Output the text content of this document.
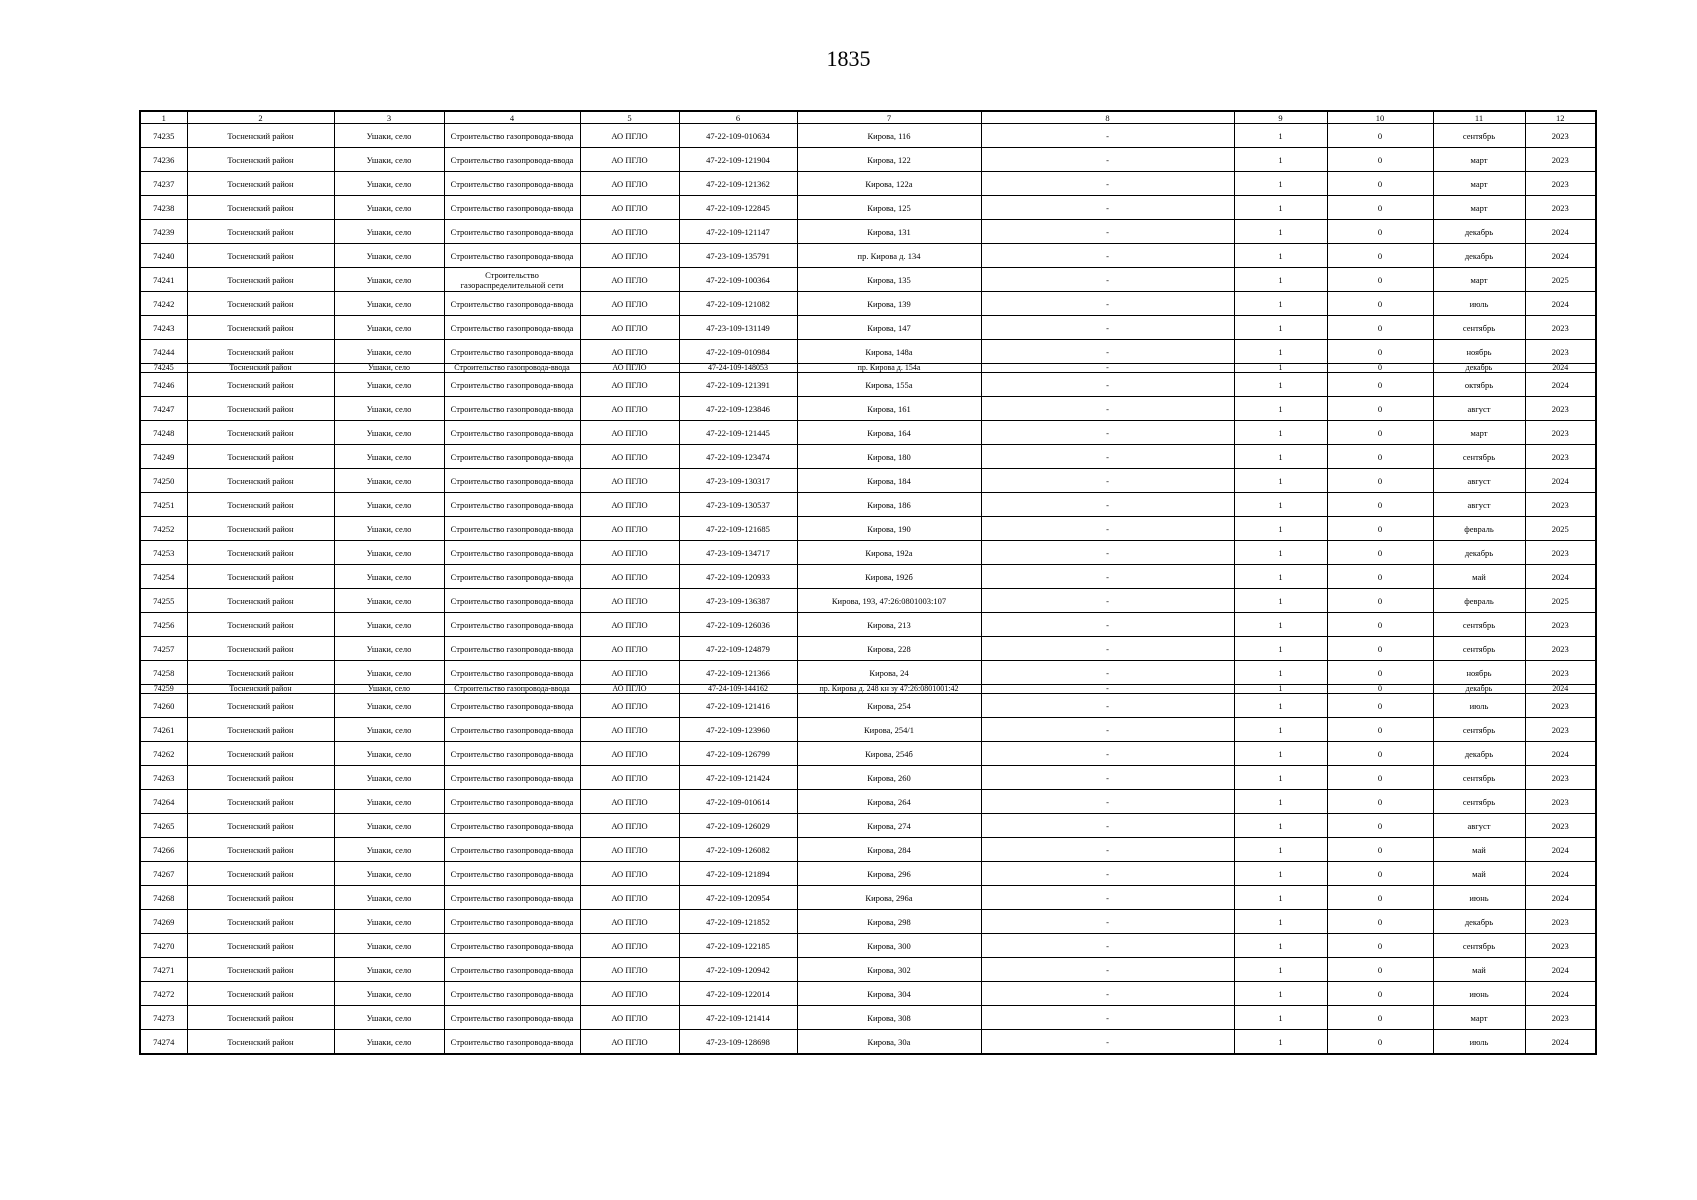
1835
1	2	3	4	5	6	7	8	9	10	11	12
74235	Тосненский район	Ушаки, село	Строительство газопровода-ввода	АО ПГЛО	47-22-109-010634	Кирова, 116	-	1	0	сентябрь	2023
74236	Тосненский район	Ушаки, село	Строительство газопровода-ввода	АО ПГЛО	47-22-109-121904	Кирова, 122	-	1	0	март	2023
74237	Тосненский район	Ушаки, село	Строительство газопровода-ввода	АО ПГЛО	47-22-109-121362	Кирова, 122а	-	1	0	март	2023
74238	Тосненский район	Ушаки, село	Строительство газопровода-ввода	АО ПГЛО	47-22-109-122845	Кирова, 125	-	1	0	март	2023
74239	Тосненский район	Ушаки, село	Строительство газопровода-ввода	АО ПГЛО	47-22-109-121147	Кирова, 131	-	1	0	декабрь	2024
74240	Тосненский район	Ушаки, село	Строительство газопровода-ввода	АО ПГЛО	47-23-109-135791	пр. Кирова д. 134	-	1	0	декабрь	2024
74241	Тосненский район	Ушаки, село	Строительство газораспределительной сети	АО ПГЛО	47-22-109-100364	Кирова, 135	-	1	0	март	2025
74242	Тосненский район	Ушаки, село	Строительство газопровода-ввода	АО ПГЛО	47-22-109-121082	Кирова, 139	-	1	0	июль	2024
74243	Тосненский район	Ушаки, село	Строительство газопровода-ввода	АО ПГЛО	47-23-109-131149	Кирова, 147	-	1	0	сентябрь	2023
74244	Тосненский район	Ушаки, село	Строительство газопровода-ввода	АО ПГЛО	47-22-109-010984	Кирова, 148а	-	1	0	ноябрь	2023
74245	Тосненский район	Ушаки, село	Строительство газопровода-ввода	АО ПГЛО	47-24-109-148053	пр. Кирова д. 154а	-	1	0	декабрь	2024
74246	Тосненский район	Ушаки, село	Строительство газопровода-ввода	АО ПГЛО	47-22-109-121391	Кирова, 155а	-	1	0	октябрь	2024
74247	Тосненский район	Ушаки, село	Строительство газопровода-ввода	АО ПГЛО	47-22-109-123846	Кирова, 161	-	1	0	август	2023
74248	Тосненский район	Ушаки, село	Строительство газопровода-ввода	АО ПГЛО	47-22-109-121445	Кирова, 164	-	1	0	март	2023
74249	Тосненский район	Ушаки, село	Строительство газопровода-ввода	АО ПГЛО	47-22-109-123474	Кирова, 180	-	1	0	сентябрь	2023
74250	Тосненский район	Ушаки, село	Строительство газопровода-ввода	АО ПГЛО	47-23-109-130317	Кирова, 184	-	1	0	август	2024
74251	Тосненский район	Ушаки, село	Строительство газопровода-ввода	АО ПГЛО	47-23-109-130537	Кирова, 186	-	1	0	август	2023
74252	Тосненский район	Ушаки, село	Строительство газопровода-ввода	АО ПГЛО	47-22-109-121685	Кирова, 190	-	1	0	февраль	2025
74253	Тосненский район	Ушаки, село	Строительство газопровода-ввода	АО ПГЛО	47-23-109-134717	Кирова, 192а	-	1	0	декабрь	2023
74254	Тосненский район	Ушаки, село	Строительство газопровода-ввода	АО ПГЛО	47-22-109-120933	Кирова, 192б	-	1	0	май	2024
74255	Тосненский район	Ушаки, село	Строительство газопровода-ввода	АО ПГЛО	47-23-109-136387	Кирова, 193, 47:26:0801003:107	-	1	0	февраль	2025
74256	Тосненский район	Ушаки, село	Строительство газопровода-ввода	АО ПГЛО	47-22-109-126036	Кирова, 213	-	1	0	сентябрь	2023
74257	Тосненский район	Ушаки, село	Строительство газопровода-ввода	АО ПГЛО	47-22-109-124879	Кирова, 228	-	1	0	сентябрь	2023
74258	Тосненский район	Ушаки, село	Строительство газопровода-ввода	АО ПГЛО	47-22-109-121366	Кирова, 24	-	1	0	ноябрь	2023
74259	Тосненский район	Ушаки, село	Строительство газопровода-ввода	АО ПГЛО	47-24-109-144162	пр. Кирова д. 248 кн зу 47:26:0801001:42	-	1	0	декабрь	2024
74260	Тосненский район	Ушаки, село	Строительство газопровода-ввода	АО ПГЛО	47-22-109-121416	Кирова, 254	-	1	0	июль	2023
74261	Тосненский район	Ушаки, село	Строительство газопровода-ввода	АО ПГЛО	47-22-109-123960	Кирова, 254/1	-	1	0	сентябрь	2023
74262	Тосненский район	Ушаки, село	Строительство газопровода-ввода	АО ПГЛО	47-22-109-126799	Кирова, 254б	-	1	0	декабрь	2024
74263	Тосненский район	Ушаки, село	Строительство газопровода-ввода	АО ПГЛО	47-22-109-121424	Кирова, 260	-	1	0	сентябрь	2023
74264	Тосненский район	Ушаки, село	Строительство газопровода-ввода	АО ПГЛО	47-22-109-010614	Кирова, 264	-	1	0	сентябрь	2023
74265	Тосненский район	Ушаки, село	Строительство газопровода-ввода	АО ПГЛО	47-22-109-126029	Кирова, 274	-	1	0	август	2023
74266	Тосненский район	Ушаки, село	Строительство газопровода-ввода	АО ПГЛО	47-22-109-126082	Кирова, 284	-	1	0	май	2024
74267	Тосненский район	Ушаки, село	Строительство газопровода-ввода	АО ПГЛО	47-22-109-121894	Кирова, 296	-	1	0	май	2024
74268	Тосненский район	Ушаки, село	Строительство газопровода-ввода	АО ПГЛО	47-22-109-120954	Кирова, 296а	-	1	0	июнь	2024
74269	Тосненский район	Ушаки, село	Строительство газопровода-ввода	АО ПГЛО	47-22-109-121852	Кирова, 298	-	1	0	декабрь	2023
74270	Тосненский район	Ушаки, село	Строительство газопровода-ввода	АО ПГЛО	47-22-109-122185	Кирова, 300	-	1	0	сентябрь	2023
74271	Тосненский район	Ушаки, село	Строительство газопровода-ввода	АО ПГЛО	47-22-109-120942	Кирова, 302	-	1	0	май	2024
74272	Тосненский район	Ушаки, село	Строительство газопровода-ввода	АО ПГЛО	47-22-109-122014	Кирова, 304	-	1	0	июнь	2024
74273	Тосненский район	Ушаки, село	Строительство газопровода-ввода	АО ПГЛО	47-22-109-121414	Кирова, 308	-	1	0	март	2023
74274	Тосненский район	Ушаки, село	Строительство газопровода-ввода	АО ПГЛО	47-23-109-128698	Кирова, 30а	-	1	0	июль	2024
